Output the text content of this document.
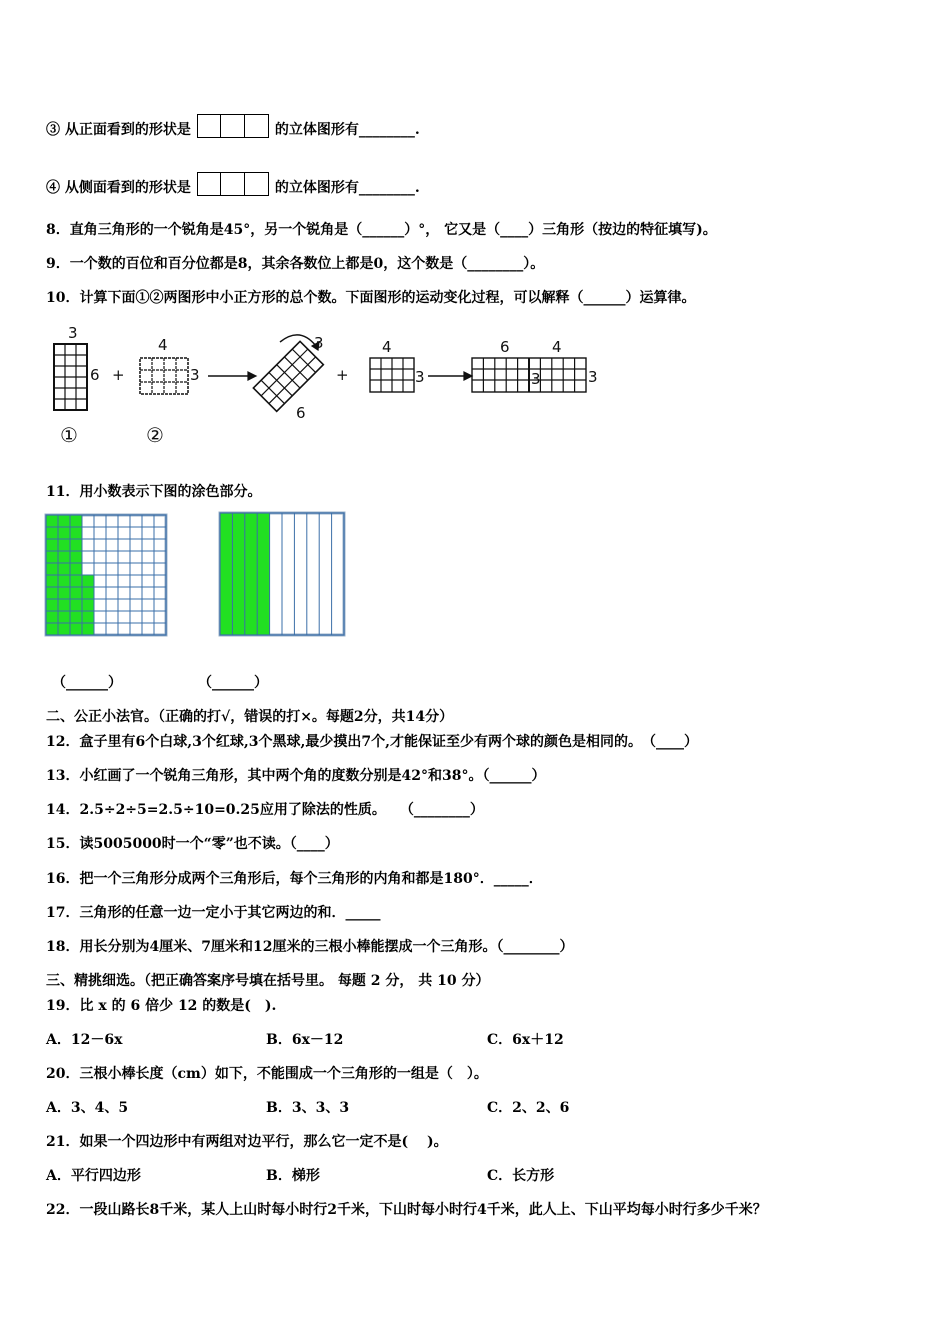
③ 从正面看到的形状是	的立体图形有________.
④ 从侧面看到的形状是	的立体图形有________.
8．直角三角形的一个锐角是45°，另一个锐角是（______）°， 它又是（____）三角形（按边的特征填写)。
9．一个数的百位和百分位都是8，其余各数位上都是0，这个数是（________）。
10．计算下面①②两图形中小正方形的总个数。下面图形的运动变化过程，可以解释（______）运算律。
3
6
①
+
4
3
②
3
6
+
4
3
6	4
3	3
11．用小数表示下图的涂色部分。
（______）	（______）
二、公正小法官。（正确的打√，错误的打×。每题2分，共14分）
12．盒子里有6个白球,3个红球,3个黑球,最少摸出7个,才能保证至少有两个球的颜色是相同的。　（____）
13．小红画了一个锐角三角形，其中两个角的度数分别是42°和38°。（______）
14．2.5÷2÷5=2.5÷10=0.25应用了除法的性质。　　（________）
15．读5005000时一个“零”也不读。（____）
16．把一个三角形分成两个三角形后，每个三角形的内角和都是180°．_____．
17．三角形的任意一边一定小于其它两边的和．_____
18．用长分别为4厘米、7厘米和12厘米的三根小棒能摆成一个三角形。（________）
三、精挑细选。（把正确答案序号填在括号里。 每题 2 分， 共 10 分）
19．比 x 的 6 倍少 12 的数是(　).
A．12－6x	B．6x－12	C．6x＋12
20．三根小棒长度（cm）如下，不能围成一个三角形的一组是（　）。
A．3、4、5	B．3、3、3	C．2、2、6
21．如果一个四边形中有两组对边平行，那么它一定不是(　 )。
A．平行四边形	B．梯形	C．长方形
22．一段山路长8千米，某人上山时每小时行2千米，下山时每小时行4千米，此人上、下山平均每小时行多少千米？
